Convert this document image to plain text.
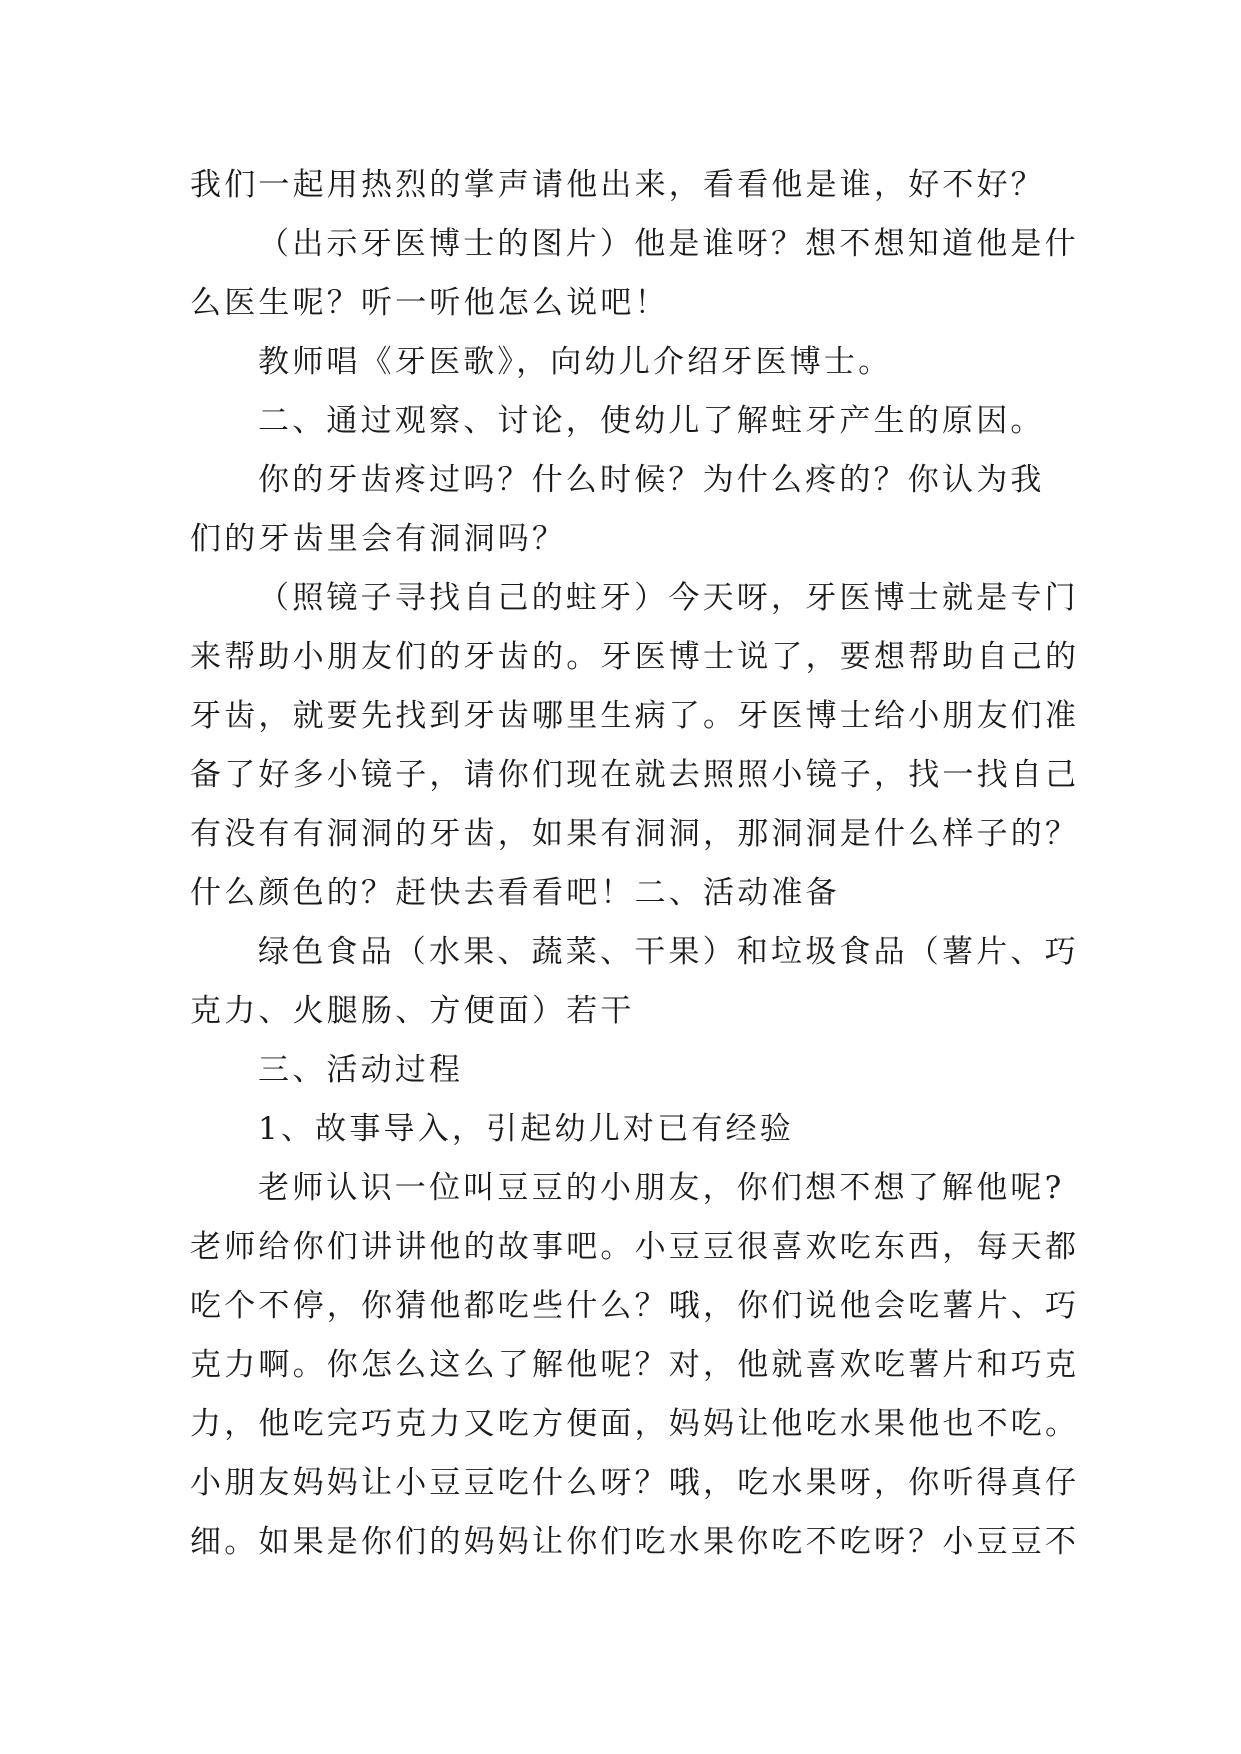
我们一起用热烈的掌声请他出来，看看他是谁，好不好？
（出示牙医博士的图片）他是谁呀？想不想知道他是什
么医生呢？听一听他怎么说吧！
教师唱《牙医歌》，向幼儿介绍牙医博士。
二、通过观察、讨论，使幼儿了解蛀牙产生的原因。
你的牙齿疼过吗？什么时候？为什么疼的？你认为我
们的牙齿里会有洞洞吗？
（照镜子寻找自己的蛀牙）今天呀，牙医博士就是专门
来帮助小朋友们的牙齿的。牙医博士说了，要想帮助自己的
牙齿，就要先找到牙齿哪里生病了。牙医博士给小朋友们准
备了好多小镜子，请你们现在就去照照小镜子，找一找自己
有没有有洞洞的牙齿，如果有洞洞，那洞洞是什么样子的？
什么颜色的？赶快去看看吧！二、活动准备
绿色食品（水果、蔬菜、干果）和垃圾食品（薯片、巧
克力、火腿肠、方便面）若干
三、活动过程
1、故事导入，引起幼儿对已有经验
老师认识一位叫豆豆的小朋友，你们想不想了解他呢?
老师给你们讲讲他的故事吧。小豆豆很喜欢吃东西，每天都
吃个不停，你猜他都吃些什么？哦，你们说他会吃薯片、巧
克力啊。你怎么这么了解他呢？对，他就喜欢吃薯片和巧克
力，他吃完巧克力又吃方便面，妈妈让他吃水果他也不吃。
小朋友妈妈让小豆豆吃什么呀？哦，吃水果呀，你听得真仔
细。如果是你们的妈妈让你们吃水果你吃不吃呀？小豆豆不
